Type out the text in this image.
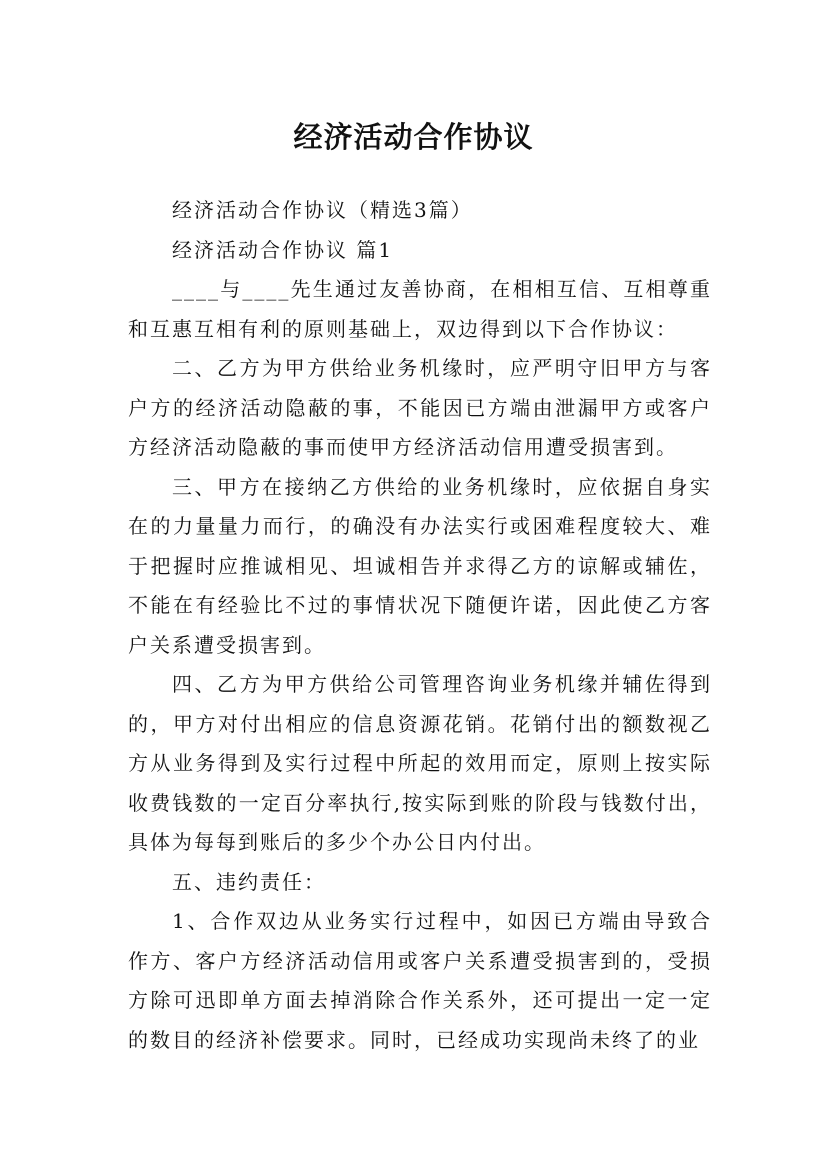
经济活动合作协议

经济活动合作协议（精选3篇）

经济活动合作协议 篇1

____与____先生通过友善协商，在相相互信、互相尊重和互惠互相有利的原则基础上，双边得到以下合作协议：

二、乙方为甲方供给业务机缘时，应严明守旧甲方与客户方的经济活动隐蔽的事，不能因已方端由泄漏甲方或客户方经济活动隐蔽的事而使甲方经济活动信用遭受损害到。

三、甲方在接纳乙方供给的业务机缘时，应依据自身实在的力量量力而行，的确没有办法实行或困难程度较大、难于把握时应推诚相见、坦诚相告并求得乙方的谅解或辅佐，不能在有经验比不过的事情状况下随便许诺，因此使乙方客户关系遭受损害到。

四、乙方为甲方供给公司管理咨询业务机缘并辅佐得到的，甲方对付出相应的信息资源花销。花销付出的额数视乙方从业务得到及实行过程中所起的效用而定，原则上按实际收费钱数的一定百分率执行,按实际到账的阶段与钱数付出，具体为每每到账后的多少个办公日内付出。

五、违约责任：

1、合作双边从业务实行过程中，如因已方端由导致合作方、客户方经济活动信用或客户关系遭受损害到的，受损方除可迅即单方面去掉消除合作关系外，还可提出一定一定的数目的经济补偿要求。同时，已经成功实现尚未终了的业
